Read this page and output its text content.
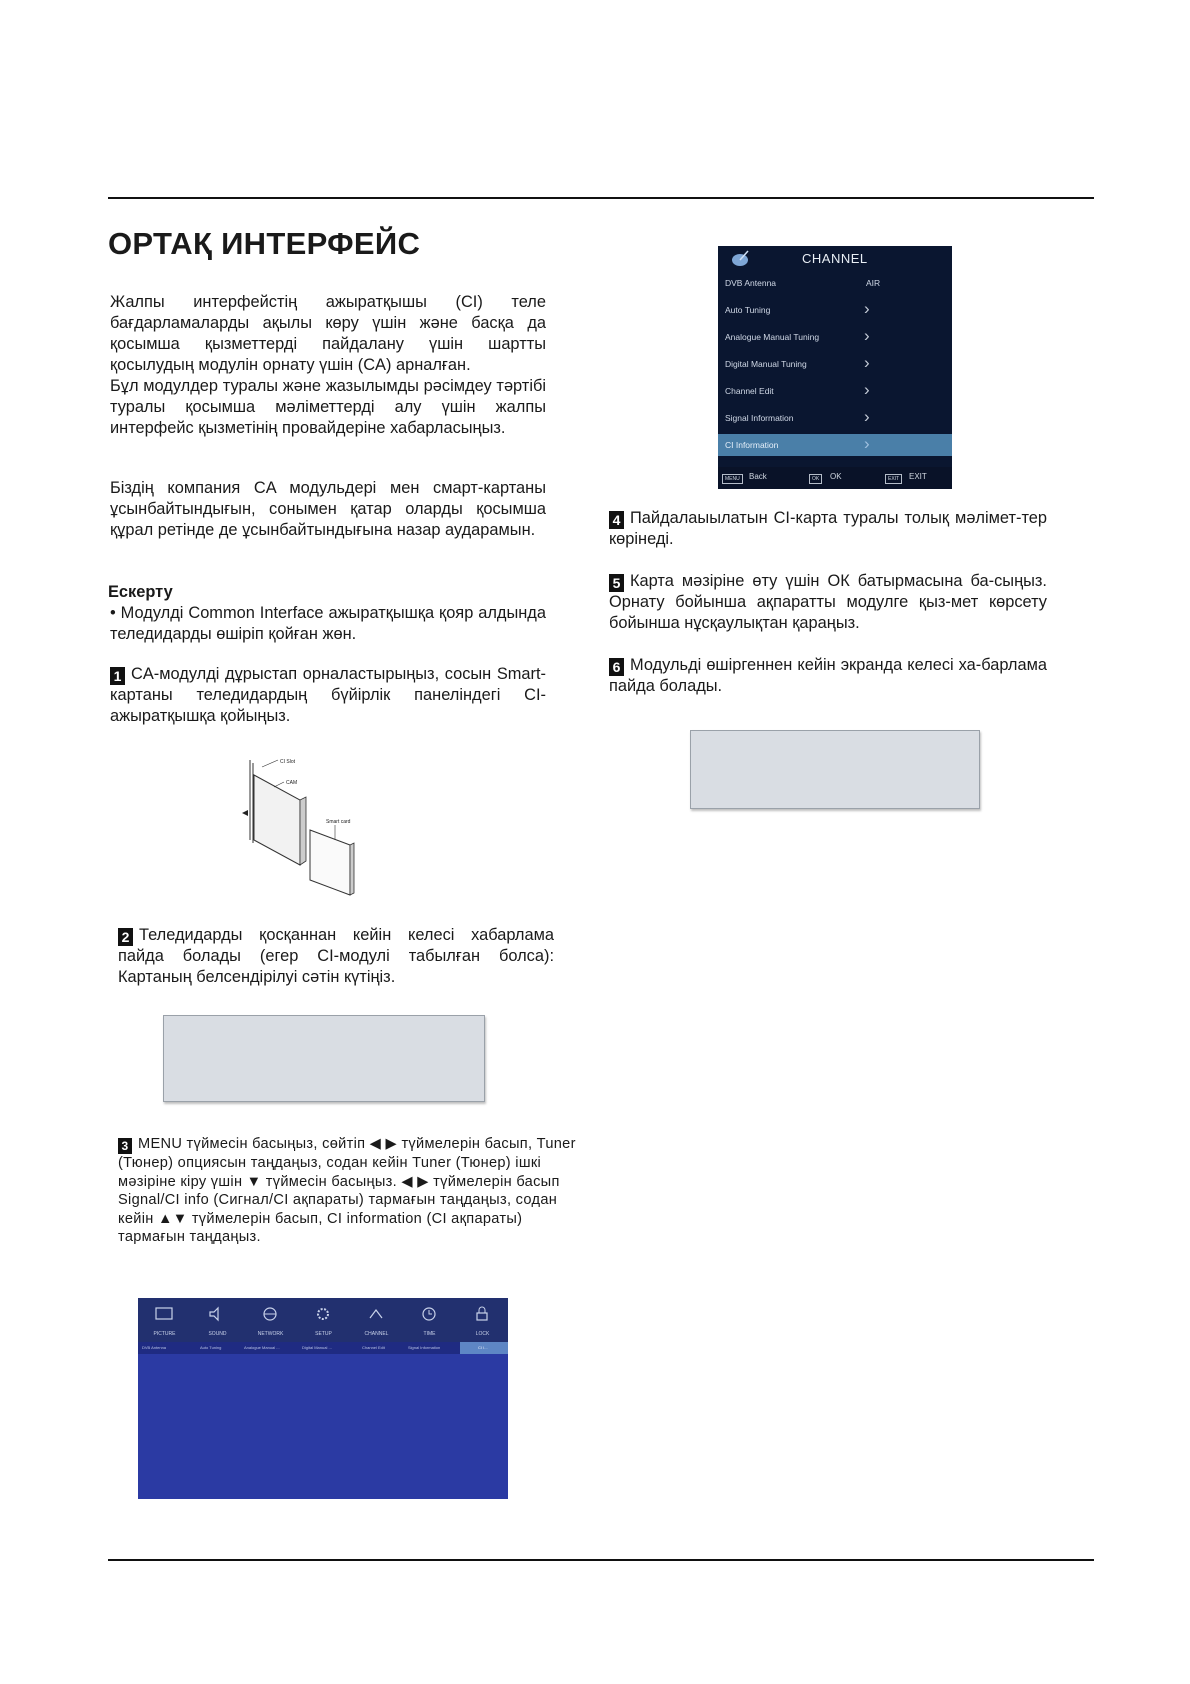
ОРТАҚ ИНТЕРФЕЙС

Жалпы интерфейстің ажыратқышы (CI) теле бағдарламаларды ақылы көру үшін және басқа да қосымша қызметтерді пайдалану үшін шартты қосылудың модулін орнату үшін (CA) арналған.
Бұл модулдер туралы және жазылымды рәсімдеу тәртібі туралы қосымша мәліметтерді алу үшін жалпы интерфейс қызметінің провайдеріне хабарласыңыз.

Біздің компания CA модульдері мен смарт-картаны ұсынбайтындығын, сонымен қатар оларды қосымша құрал ретінде де ұсынбайтындығына назар аударамын.

Ескерту

• Модулді Common Interface ажыратқышқа қояр алдында теледидарды өшіріп қойған жөн.

1 CA-модулді дұрыстап орналастырыңыз, сосын Smart-картаны теледидардың бүйірлік панеліндегі CI-ажыратқышқа қойыңыз.

CI Slot
CAM
Smart card

2 Теледидарды қосқаннан кейін келесі хабарлама пайда болады (егер CI-модулі табылған болса): Картаның белсендірілуі сәтін күтіңіз.

3 MENU түймесін басыңыз, сөйтіп ◀ ▶ түймелерін басып, Tuner (Тюнер) опциясын таңдаңыз, содан кейін Tuner (Тюнер) ішкі мәзіріне кіру үшін ▼ түймесін басыңыз. ◀ ▶ түймелерін басып Signal/CI info (Сигнал/CI ақпараты) тармағын таңдаңыз, содан кейін ▲▼ түймелерін басып, CI information (CI ақпараты) тармағын таңдаңыз.

PICTURE	SOUND	NETWORK	SETUP	CHANNEL	TIME	LOCK
DVB Antenna	Auto Tuning	Analogue Manual ...	Digital Manual ...	Channel Edit	Signal Information	CI I...
CHANNEL
DVB Antenna	AIR
Auto Tuning	›
Analogue Manual Tuning	›
Digital Manual Tuning	›
Channel Edit	›
Signal Information	›
CI Information	›
MENU	Back	OK	OK	EXIT	EXIT

4 Пайдалаыылатын CI-карта туралы толық мәлімет-тер көрінеді.

5 Карта мәзіріне өту үшін ОК батырмасына ба-сыңыз. Орнату бойынша ақпаратты модулге қыз-мет көрсету бойынша нұсқаулықтан қараңыз.

6 Модульді өшіргеннен кейін экранда келесі ха-барлама пайда болады.
